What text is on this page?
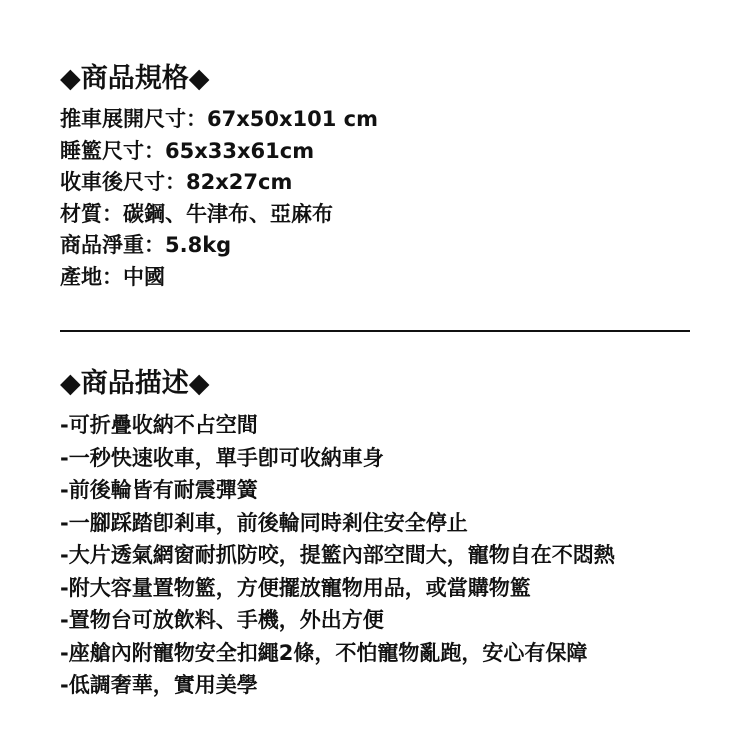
◆商品規格◆
推車展開尺寸：67x50x101 cm
睡籃尺寸：65x33x61cm
收車後尺寸：82x27cm
材質：碳鋼、牛津布、亞麻布
商品淨重：5.8kg
產地：中國
◆商品描述◆
-可折疊收納不占空間
-一秒快速收車，單手卽可收納車身
-前後輪皆有耐震彈簧
-一腳踩踏卽剎車，前後輪同時剎住安全停止
-大片透氣網窗耐抓防咬，提籃內部空間大，寵物自在不悶熱
-附大容量置物籃，方便擺放寵物用品，或當購物籃
-置物台可放飲料、手機，外出方便
-座艙內附寵物安全扣繩2條，不怕寵物亂跑，安心有保障
-低調奢華，實用美學
